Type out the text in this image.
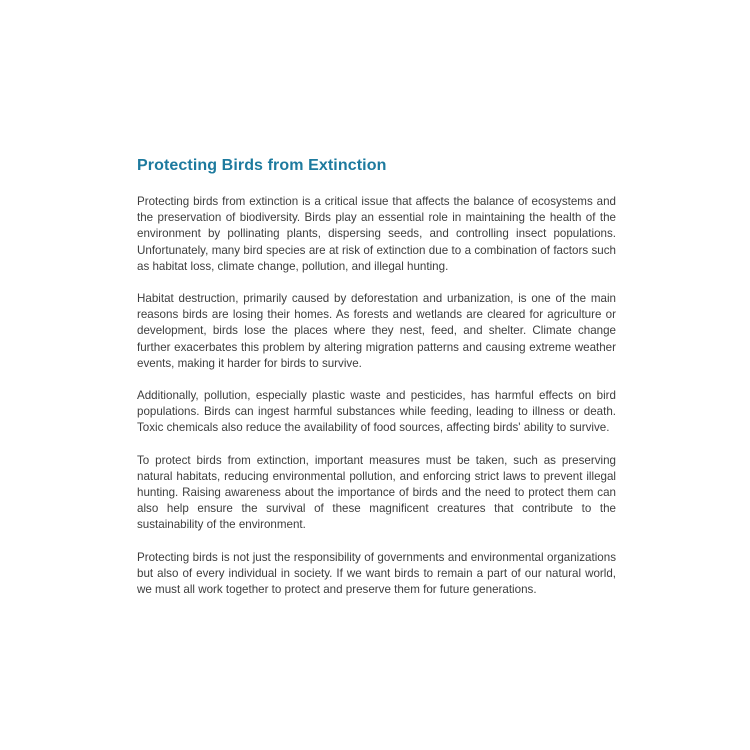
Protecting Birds from Extinction

Protecting birds from extinction is a critical issue that affects the balance of ecosystems and the preservation of biodiversity. Birds play an essential role in maintaining the health of the environment by pollinating plants, dispersing seeds, and controlling insect populations. Unfortunately, many bird species are at risk of extinction due to a combination of factors such as habitat loss, climate change, pollution, and illegal hunting.

Habitat destruction, primarily caused by deforestation and urbanization, is one of the main reasons birds are losing their homes. As forests and wetlands are cleared for agriculture or development, birds lose the places where they nest, feed, and shelter. Climate change further exacerbates this problem by altering migration patterns and causing extreme weather events, making it harder for birds to survive.

Additionally, pollution, especially plastic waste and pesticides, has harmful effects on bird populations. Birds can ingest harmful substances while feeding, leading to illness or death. Toxic chemicals also reduce the availability of food sources, affecting birds' ability to survive.

To protect birds from extinction, important measures must be taken, such as preserving natural habitats, reducing environmental pollution, and enforcing strict laws to prevent illegal hunting. Raising awareness about the importance of birds and the need to protect them can also help ensure the survival of these magnificent creatures that contribute to the sustainability of the environment.

Protecting birds is not just the responsibility of governments and environmental organizations but also of every individual in society. If we want birds to remain a part of our natural world, we must all work together to protect and preserve them for future generations.
